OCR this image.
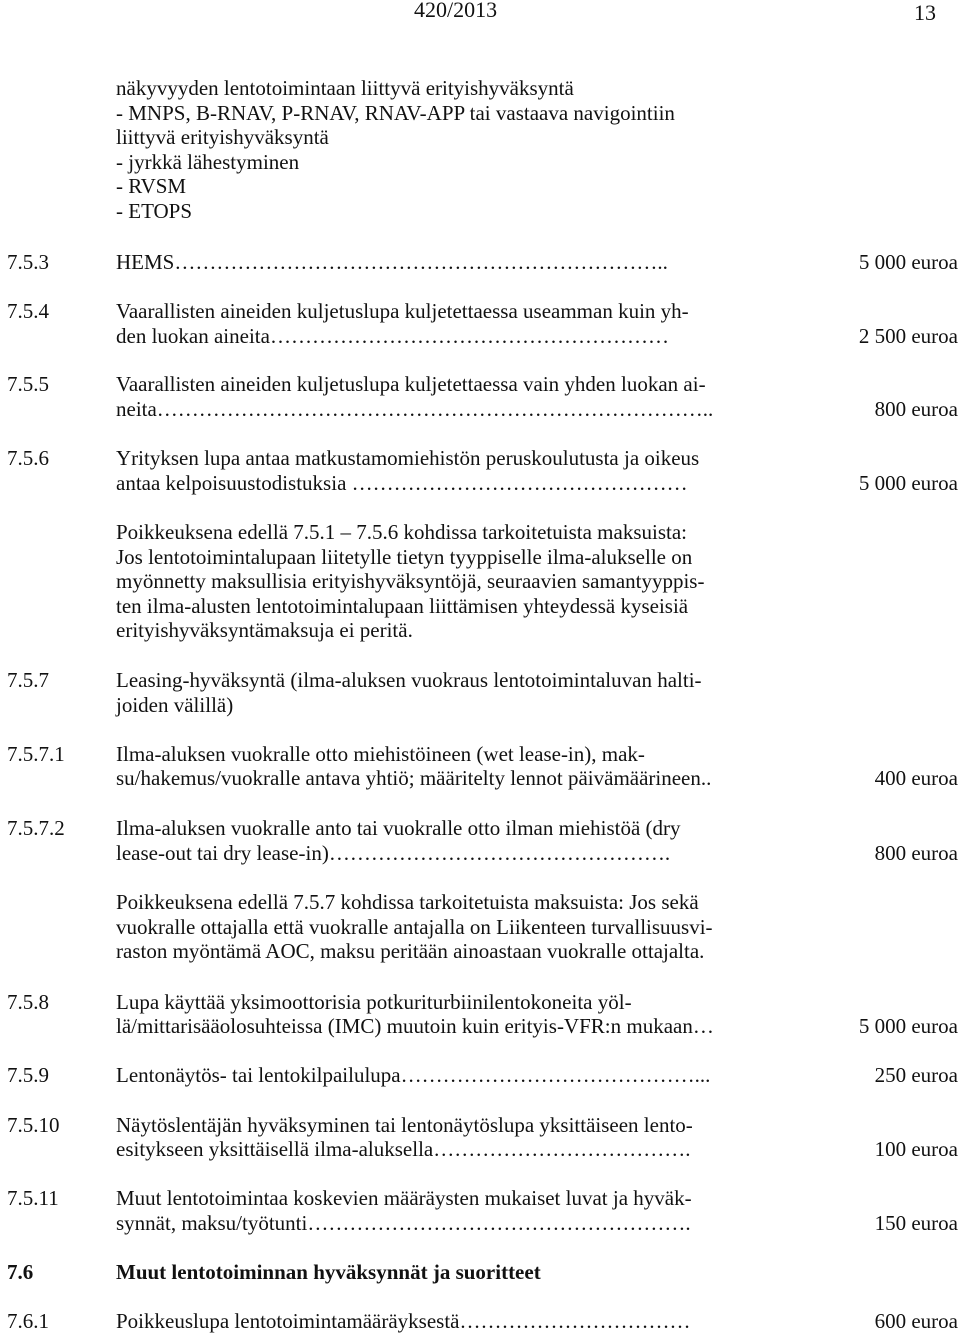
420/2013	13
näkyvyyden lentotoimintaan liittyvä erityishyväksyntä
- MNPS, B-RNAV, P-RNAV, RNAV-APP tai vastaava navigointiin
liittyvä erityishyväksyntä
- jyrkkä lähestyminen
- RVSM
- ETOPS
7.5.3	HEMS……………………………………………………………..	5 000 euroa
7.5.4	Vaarallisten aineiden kuljetuslupa kuljetettaessa useamman kuin yh-
den luokan aineita…………………………………………………	2 500 euroa
7.5.5	Vaarallisten aineiden kuljetuslupa kuljetettaessa vain yhden luokan ai-
neita……………………………………………………………………..	800 euroa
7.5.6	Yrityksen lupa antaa matkustamomiehistön peruskoulutusta ja oikeus
antaa kelpoisuustodistuksia …………………………………………	5 000 euroa
Poikkeuksena edellä 7.5.1 – 7.5.6 kohdissa tarkoitetuista maksuista:
Jos lentotoimintalupaan liitetylle tietyn tyyppiselle ilma-alukselle on
myönnetty maksullisia erityishyväksyntöjä, seuraavien samantyyppis-
ten ilma-alusten lentotoimintalupaan liittämisen yhteydessä kyseisiä
erityishyväksyntämaksuja ei peritä.
7.5.7	Leasing-hyväksyntä (ilma-aluksen vuokraus lentotoimintaluvan halti-
joiden välillä)
7.5.7.1 Ilma-aluksen vuokralle otto miehistöineen (wet lease-in), mak-
su/hakemus/vuokralle antava yhtiö; määritelty lennot päivämäärineen..	400 euroa
7.5.7.2 Ilma-aluksen vuokralle anto tai vuokralle otto ilman miehistöä (dry
lease-out tai dry lease-in)………………………………………….	800 euroa
Poikkeuksena edellä 7.5.7 kohdissa tarkoitetuista maksuista: Jos sekä
vuokralle ottajalla että vuokralle antajalla on Liikenteen turvallisuusvi-
raston myöntämä AOC, maksu peritään ainoastaan vuokralle ottajalta.
7.5.8	Lupa käyttää yksimoottorisia potkuriturbiinilentokoneita yöl-
lä/mittarisääolosuhteissa (IMC) muutoin kuin erityis-VFR:n mukaan…	5 000 euroa
7.5.9	Lentonäytös- tai lentokilpailulupa……………………………………...	250 euroa
7.5.10	Näytöslentäjän hyväksyminen tai lentonäytöslupa yksittäiseen lento-
esitykseen yksittäisellä ilma-aluksella……………………………….	100 euroa
7.5.11	Muut lentotoimintaa koskevien määräysten mukaiset luvat ja hyväk-
synnät, maksu/työtunti……………………………………………….	150 euroa
7.6	Muut lentotoiminnan hyväksynnät ja suoritteet
7.6.1	Poikkeuslupa lentotoimintamääräyksestä……………………………	600 euroa
